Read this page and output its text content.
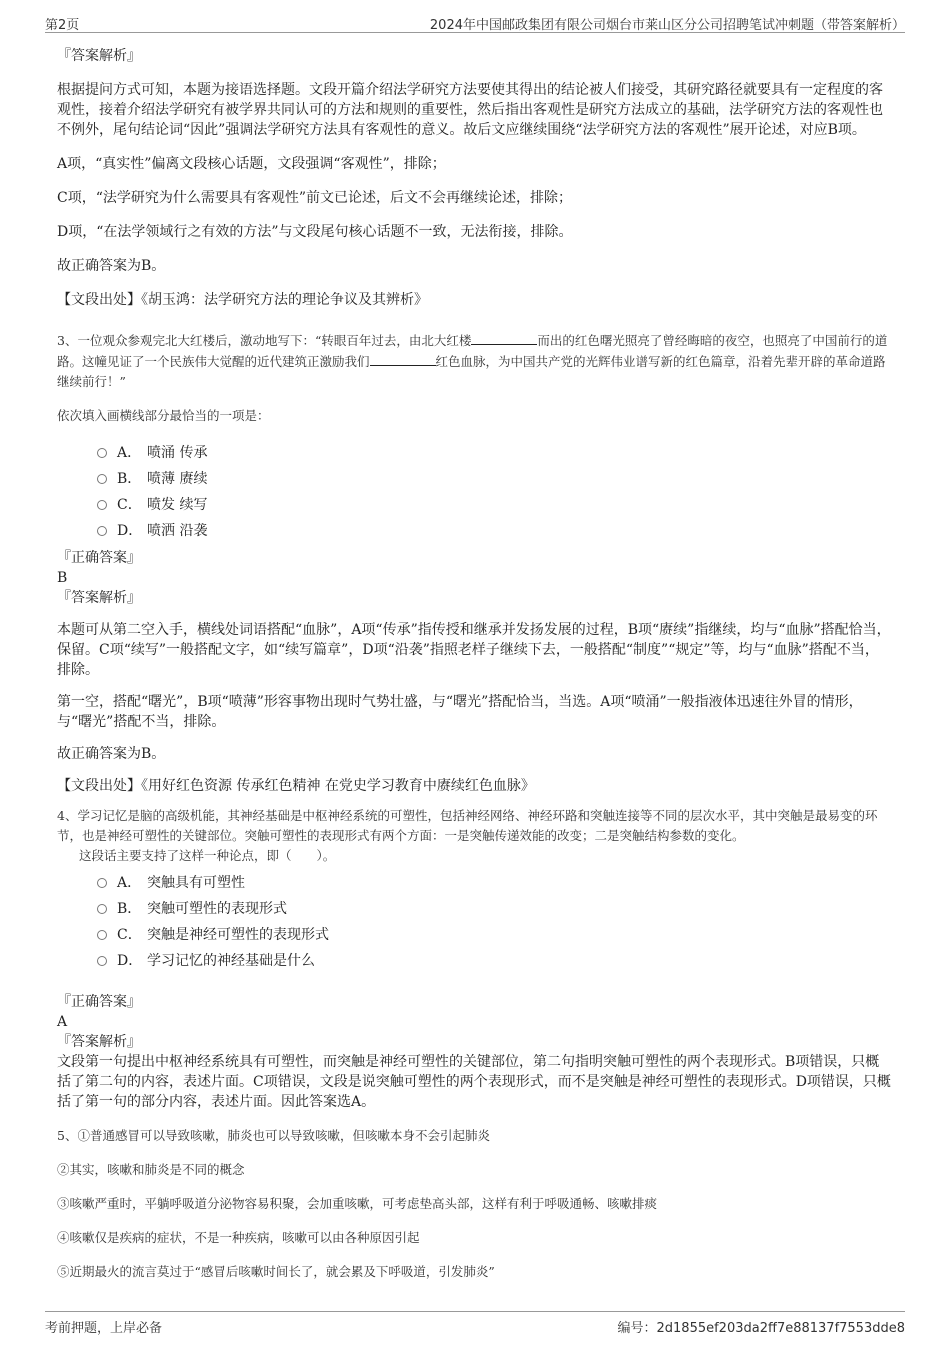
第2页	2024年中国邮政集团有限公司烟台市莱山区分公司招聘笔试冲刺题（带答案解析）

『答案解析』

根据提问方式可知，本题为接语选择题。文段开篇介绍法学研究方法要使其得出的结论被人们接受，其研究路径就要具有一定程度的客观性，接着介绍法学研究有被学界共同认可的方法和规则的重要性，然后指出客观性是研究方法成立的基础，法学研究方法的客观性也不例外，尾句结论词“因此”强调法学研究方法具有客观性的意义。故后文应继续围绕“法学研究方法的客观性”展开论述，对应B项。

A项，“真实性”偏离文段核心话题，文段强调“客观性”，排除；

C项，“法学研究为什么需要具有客观性”前文已论述，后文不会再继续论述，排除；

D项，“在法学领域行之有效的方法”与文段尾句核心话题不一致，无法衔接，排除。

故正确答案为B。

【文段出处】《胡玉鸿：法学研究方法的理论争议及其辨析》

3、一位观众参观完北大红楼后，激动地写下：“转眼百年过去，由北大红楼	而出的红色曙光照亮了曾经晦暗的夜空，也照亮了中国前行的道路。这幢见证了一个民族伟大觉醒的近代建筑正激励我们	红色血脉，为中国共产党的光辉伟业谱写新的红色篇章，沿着先辈开辟的革命道路继续前行！”

依次填入画横线部分最恰当的一项是：

A． 喷涌 传承
B． 喷薄 赓续
C． 喷发 续写
D． 喷洒 沿袭

『正确答案』

B

『答案解析』

本题可从第二空入手，横线处词语搭配“血脉”，A项“传承”指传授和继承并发扬发展的过程，B项“赓续”指继续，均与“血脉”搭配恰当，保留。C项“续写”一般搭配文字，如“续写篇章”，D项“沿袭”指照老样子继续下去，一般搭配“制度”“规定”等，均与“血脉”搭配不当，排除。

第一空，搭配“曙光”，B项“喷薄”形容事物出现时气势壮盛，与“曙光”搭配恰当，当选。A项“喷涌”一般指液体迅速往外冒的情形，与“曙光”搭配不当，排除。

故正确答案为B。

【文段出处】《用好红色资源 传承红色精神 在党史学习教育中赓续红色血脉》

4、学习记忆是脑的高级机能，其神经基础是中枢神经系统的可塑性，包括神经网络、神经环路和突触连接等不同的层次水平，其中突触是最易变的环节，也是神经可塑性的关键部位。突触可塑性的表现形式有两个方面：一是突触传递效能的改变；二是突触结构参数的变化。

这段话主要支持了这样一种论点，即（　　）。

A． 突触具有可塑性
B． 突触可塑性的表现形式
C． 突触是神经可塑性的表现形式
D． 学习记忆的神经基础是什么

『正确答案』

A

『答案解析』

文段第一句提出中枢神经系统具有可塑性，而突触是神经可塑性的关键部位，第二句指明突触可塑性的两个表现形式。B项错误，只概括了第二句的内容，表述片面。C项错误，文段是说突触可塑性的两个表现形式，而不是突触是神经可塑性的表现形式。D项错误，只概括了第一句的部分内容，表述片面。因此答案选A。

5、①普通感冒可以导致咳嗽，肺炎也可以导致咳嗽，但咳嗽本身不会引起肺炎

②其实，咳嗽和肺炎是不同的概念

③咳嗽严重时，平躺呼吸道分泌物容易积聚，会加重咳嗽，可考虑垫高头部，这样有利于呼吸通畅、咳嗽排痰

④咳嗽仅是疾病的症状，不是一种疾病，咳嗽可以由各种原因引起

⑤近期最火的流言莫过于“感冒后咳嗽时间长了，就会累及下呼吸道，引发肺炎”

考前押题，上岸必备	编号：2d1855ef203da2ff7e88137f7553dde8
